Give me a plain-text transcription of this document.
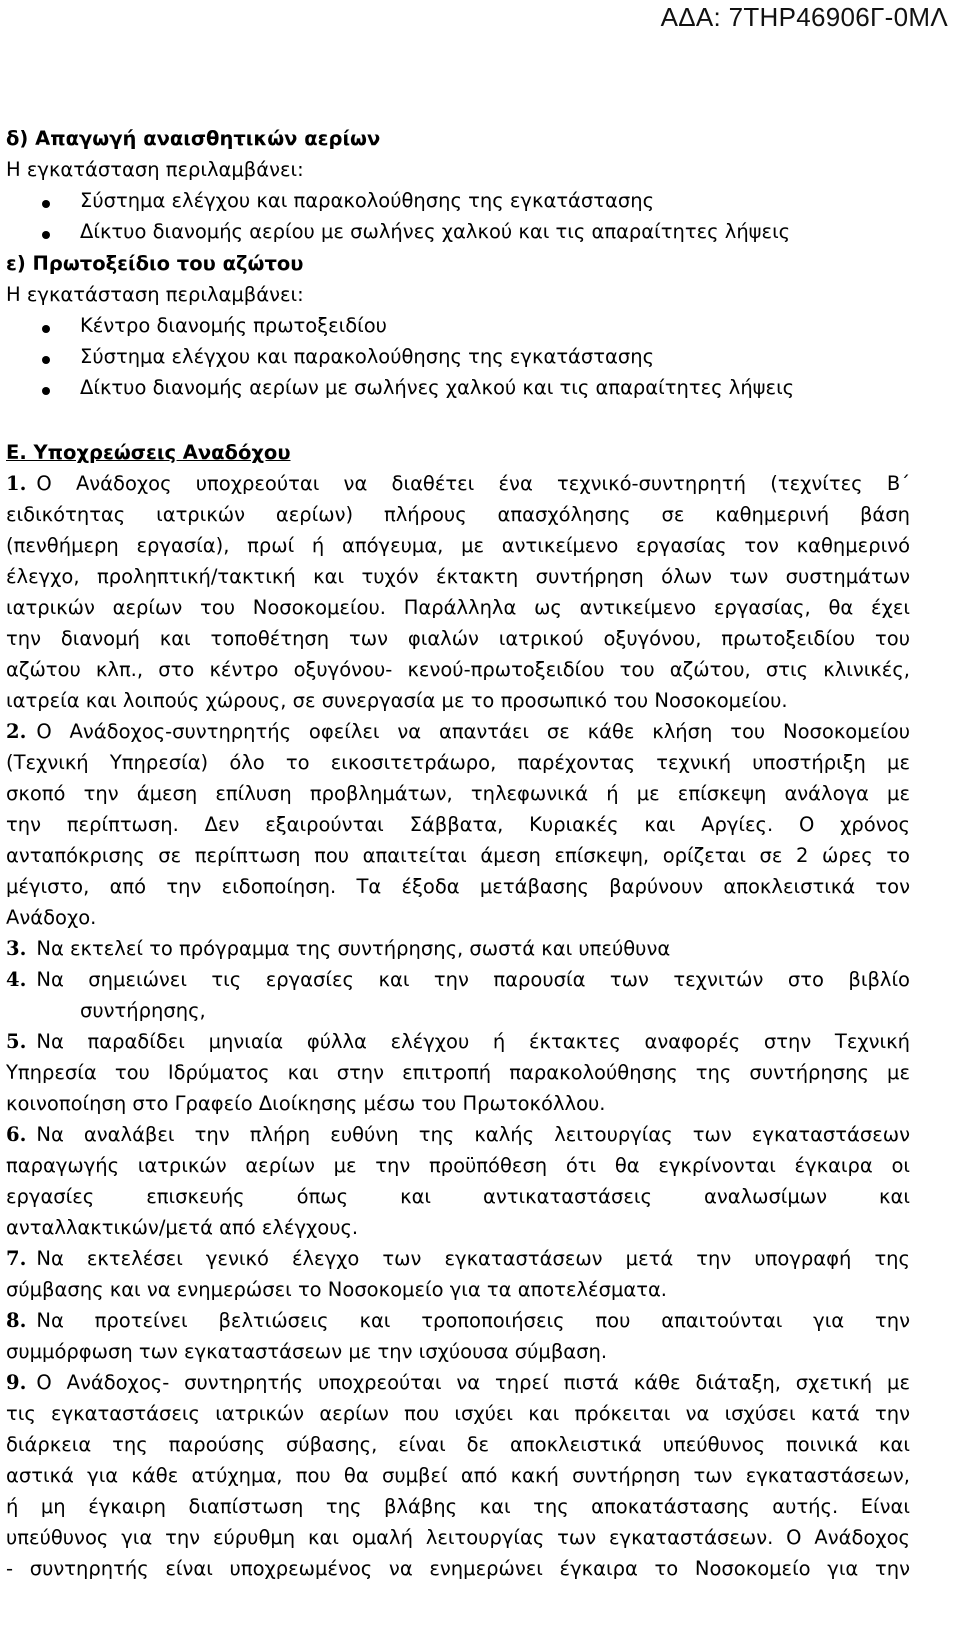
ΑΔΑ: 7ΤΗΡ46906Γ-0ΜΛ
δ) Απαγωγή αναισθητικών αερίων
Η εγκατάσταση περιλαμβάνει:
Σύστημα ελέγχου και παρακολούθησης της εγκατάστασης
Δίκτυο διανομής αερίου με σωλήνες χαλκού και τις απαραίτητες λήψεις
ε) Πρωτοξείδιο του αζώτου
Η εγκατάσταση περιλαμβάνει:
Κέντρο διανομής πρωτοξειδίου
Σύστημα ελέγχου και παρακολούθησης της εγκατάστασης
Δίκτυο διανομής αερίων με σωλήνες χαλκού και τις απαραίτητες λήψεις
Ε. Υποχρεώσεις Αναδόχου
1. Ο Ανάδοχος υποχρεούται να διαθέτει ένα τεχνικό-συντηρητή (τεχνίτες Β΄
ειδικότητας ιατρικών αερίων) πλήρους απασχόλησης σε καθημερινή βάση
(πενθήμερη εργασία), πρωί ή απόγευμα, με αντικείμενο εργασίας τον καθημερινό
έλεγχο, προληπτική/τακτική και τυχόν έκτακτη συντήρηση όλων των συστημάτων
ιατρικών αερίων του Νοσοκομείου. Παράλληλα ως αντικείμενο εργασίας, θα έχει
την διανομή και τοποθέτηση των φιαλών ιατρικού οξυγόνου, πρωτοξειδίου του
αζώτου κλπ., στο κέντρο οξυγόνου- κενού-πρωτοξειδίου του αζώτου, στις κλινικές,
ιατρεία και λοιπούς χώρους, σε συνεργασία με το προσωπικό του Νοσοκομείου.
2. Ο Ανάδοχος-συντηρητής οφείλει να απαντάει σε κάθε κλήση του Νοσοκομείου
(Τεχνική Υπηρεσία) όλο το εικοσιτετράωρο, παρέχοντας τεχνική υποστήριξη με
σκοπό την άμεση επίλυση προβλημάτων, τηλεφωνικά ή με επίσκεψη ανάλογα με
την περίπτωση. Δεν εξαιρούνται Σάββατα, Κυριακές και Αργίες. Ο χρόνος
ανταπόκρισης σε περίπτωση που απαιτείται άμεση επίσκεψη, ορίζεται σε 2 ώρες το
μέγιστο, από την ειδοποίηση. Τα έξοδα μετάβασης βαρύνουν αποκλειστικά τον
Ανάδοχο.
3. Να εκτελεί το πρόγραμμα της συντήρησης, σωστά και υπεύθυνα
4. Να σημειώνει τις εργασίες και την παρουσία των τεχνιτών στο βιβλίο
συντήρησης,
5. Να παραδίδει μηνιαία φύλλα ελέγχου ή έκτακτες αναφορές στην Τεχνική
Υπηρεσία του Ιδρύματος και στην επιτροπή παρακολούθησης της συντήρησης με
κοινοποίηση στο Γραφείο Διοίκησης μέσω του Πρωτοκόλλου.
6. Να αναλάβει την πλήρη ευθύνη της καλής λειτουργίας των εγκαταστάσεων
παραγωγής ιατρικών αερίων με την προϋπόθεση ότι θα εγκρίνονται έγκαιρα οι
εργασίες επισκευής όπως και αντικαταστάσεις αναλωσίμων και
ανταλλακτικών/μετά από ελέγχους.
7. Να εκτελέσει γενικό έλεγχο των εγκαταστάσεων μετά την υπογραφή της
σύμβασης και να ενημερώσει το Νοσοκομείο για τα αποτελέσματα.
8. Να προτείνει βελτιώσεις και τροποποιήσεις που απαιτούνται για την
συμμόρφωση των εγκαταστάσεων με την ισχύουσα σύμβαση.
9. Ο Ανάδοχος- συντηρητής υποχρεούται να τηρεί πιστά κάθε διάταξη, σχετική με
τις εγκαταστάσεις ιατρικών αερίων που ισχύει και πρόκειται να ισχύσει κατά την
διάρκεια της παρούσης σύβασης, είναι δε αποκλειστικά υπεύθυνος ποινικά και
αστικά για κάθε ατύχημα, που θα συμβεί από κακή συντήρηση των εγκαταστάσεων,
ή μη έγκαιρη διαπίστωση της βλάβης και της αποκατάστασης αυτής. Είναι
υπεύθυνος για την εύρυθμη και ομαλή λειτουργίας των εγκαταστάσεων. Ο Ανάδοχος
- συντηρητής είναι υποχρεωμένος να ενημερώνει έγκαιρα το Νοσοκομείο για την
